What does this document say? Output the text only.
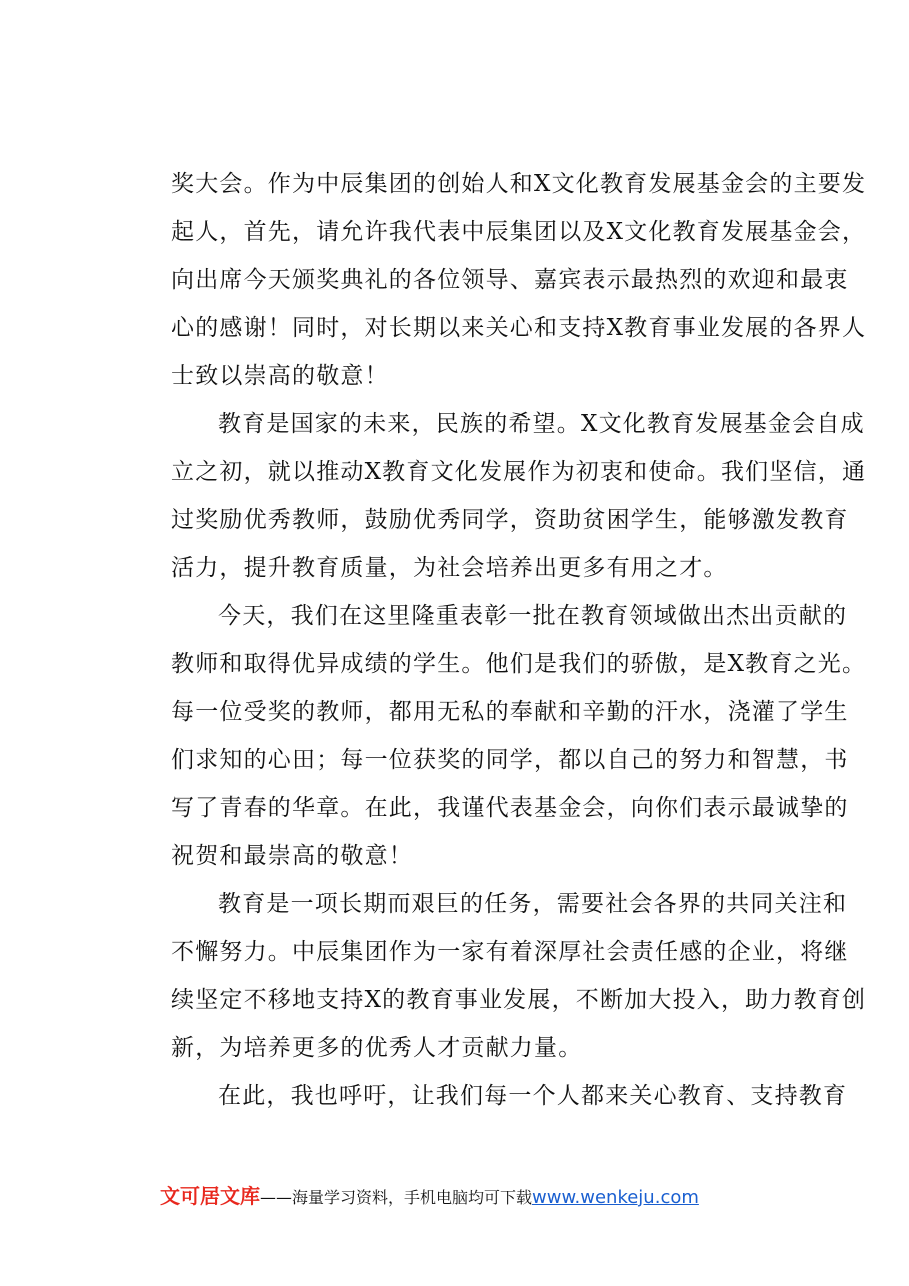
奖大会。作为中辰集团的创始人和X文化教育发展基金会的主要发
起人，首先，请允许我代表中辰集团以及X文化教育发展基金会，
向出席今天颁奖典礼的各位领导、嘉宾表示最热烈的欢迎和最衷
心的感谢！同时，对长期以来关心和支持X教育事业发展的各界人
士致以崇高的敬意！
教育是国家的未来，民族的希望。X文化教育发展基金会自成
立之初，就以推动X教育文化发展作为初衷和使命。我们坚信，通
过奖励优秀教师，鼓励优秀同学，资助贫困学生，能够激发教育
活力，提升教育质量，为社会培养出更多有用之才。
今天，我们在这里隆重表彰一批在教育领域做出杰出贡献的
教师和取得优异成绩的学生。他们是我们的骄傲，是X教育之光。
每一位受奖的教师，都用无私的奉献和辛勤的汗水，浇灌了学生
们求知的心田；每一位获奖的同学，都以自己的努力和智慧，书
写了青春的华章。在此，我谨代表基金会，向你们表示最诚挚的
祝贺和最崇高的敬意！
教育是一项长期而艰巨的任务，需要社会各界的共同关注和
不懈努力。中辰集团作为一家有着深厚社会责任感的企业，将继
续坚定不移地支持X的教育事业发展，不断加大投入，助力教育创
新，为培养更多的优秀人才贡献力量。
在此，我也呼吁，让我们每一个人都来关心教育、支持教育
文可居文库——海量学习资料，手机电脑均可下载www.wenkeju.com
